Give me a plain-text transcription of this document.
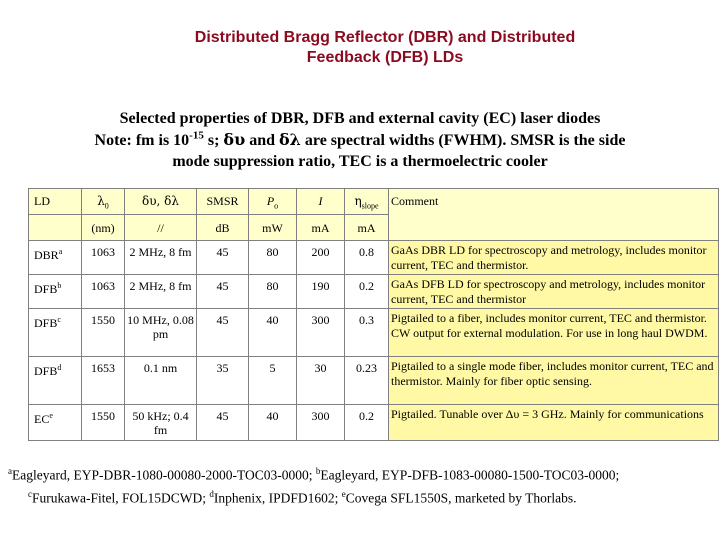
Distributed Bragg Reflector (DBR) and Distributed
Feedback (DFB) LDs
Selected properties of DBR, DFB and external cavity (EC) laser diodes
Note: fm is $10^{-15}$ s; δυ and δλ are spectral widths (FWHM). SMSR is the side
mode suppression ratio, TEC is a thermoelectric cooler
LD	$\lambda_0$	δυ, δλ	SMSR	$P_o$	I	$\eta_{slope}$	Comment
	(nm)	//	dB	mW	mA	mA	
DBR$^a$	1063	2 MHz, 8 fm	45	80	200	0.8	GaAs DBR LD for spectroscopy and metrology, includes monitor current, TEC and thermistor.
DFB$^b$	1063	2 MHz, 8 fm	45	80	190	0.2	GaAs DFB LD for spectroscopy and metrology, includes monitor current, TEC and thermistor
DFB$^c$	1550	10 MHz, 0.08 pm	45	40	300	0.3	Pigtailed to a fiber, includes monitor current, TEC and thermistor. CW output for external modulation. For use in long haul DWDM.
DFB$^d$	1653	0.1 nm	35	5	30	0.23	Pigtailed to a single mode fiber, includes monitor current, TEC and thermistor. Mainly for fiber optic sensing.
$EC^e$	1550	50 kHz; 0.4 fm	45	40	300	0.2	Pigtailed. Tunable over Δυ = 3 GHz. Mainly for communications
$^a$Eagleyard, EYP-DBR-1080-00080-2000-TOC03-0000; $^b$Eagleyard, EYP-DFB-1083-00080-1500-TOC03-0000;
$^c$Furukawa-Fitel, FOL15DCWD; $^d$Inphenix, IPDFD1602; $^e$Covega SFL1550S, marketed by Thorlabs.
